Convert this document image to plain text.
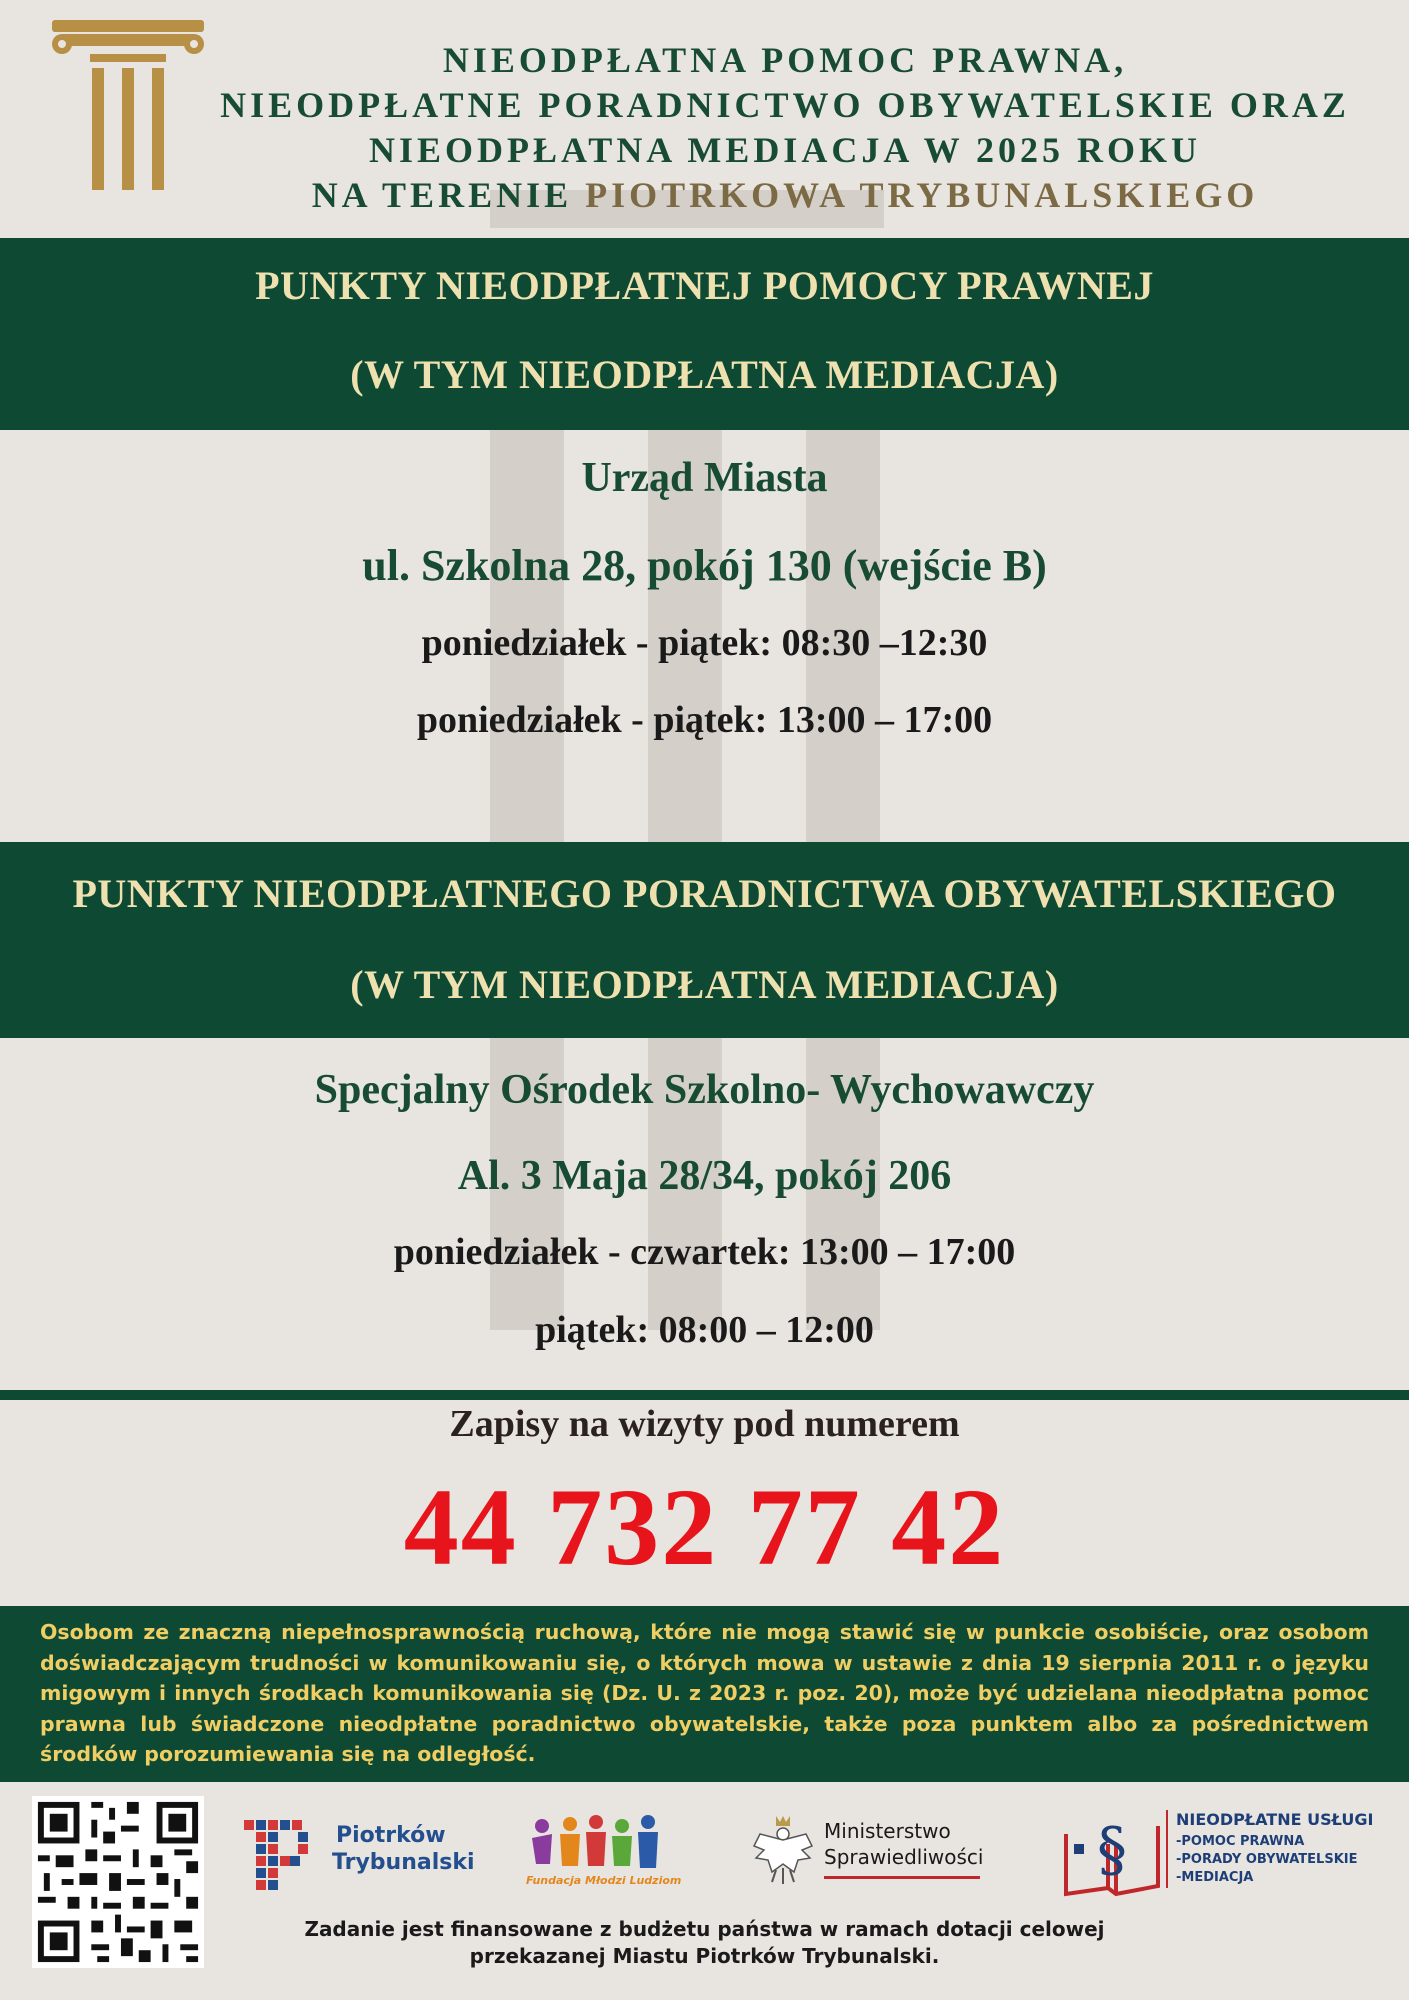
NIEODPŁATNA POMOC PRAWNA,
NIEODPŁATNE PORADNICTWO OBYWATELSKIE ORAZ
NIEODPŁATNA MEDIACJA W 2025 ROKU
NA TERENIE PIOTRKOWA TRYBUNALSKIEGO
PUNKTY NIEODPŁATNEJ POMOCY PRAWNEJ
(W TYM NIEODPŁATNA MEDIACJA)
Urząd Miasta
ul. Szkolna 28, pokój 130 (wejście B)
poniedziałek - piątek: 08:30 –12:30
poniedziałek - piątek: 13:00 – 17:00
PUNKTY NIEODPŁATNEGO PORADNICTWA OBYWATELSKIEGO
(W TYM NIEODPŁATNA MEDIACJA)
Specjalny Ośrodek Szkolno- Wychowawczy
Al. 3 Maja 28/34, pokój 206
poniedziałek - czwartek: 13:00 – 17:00
piątek: 08:00 – 12:00
Zapisy na wizyty pod numerem
44 732 77 42

Osobom ze znaczną niepełnosprawnością ruchową, które nie mogą stawić się w punkcie osobiście, oraz osobom doświadczającym trudności w komunikowaniu się, o których mowa w ustawie z dnia 19 sierpnia 2011 r. o języku migowym i innych środkach komunikowania się (Dz. U. z 2023 r. poz. 20), może być udzielana nieodpłatna pomoc prawna lub świadczone nieodpłatne poradnictwo obywatelskie, także poza punktem albo za pośrednictwem środków porozumiewania się na odległość.

Piotrków
Trybunalski
Fundacja Młodzi Ludziom
Ministerstwo
Sprawiedliwości §	NIEODPŁATNE USŁUGI
-POMOC PRAWNA
-PORADY OBYWATELSKIE
-MEDIACJA
Zadanie jest finansowane z budżetu państwa w ramach dotacji celowej
przekazanej Miastu Piotrków Trybunalski.
